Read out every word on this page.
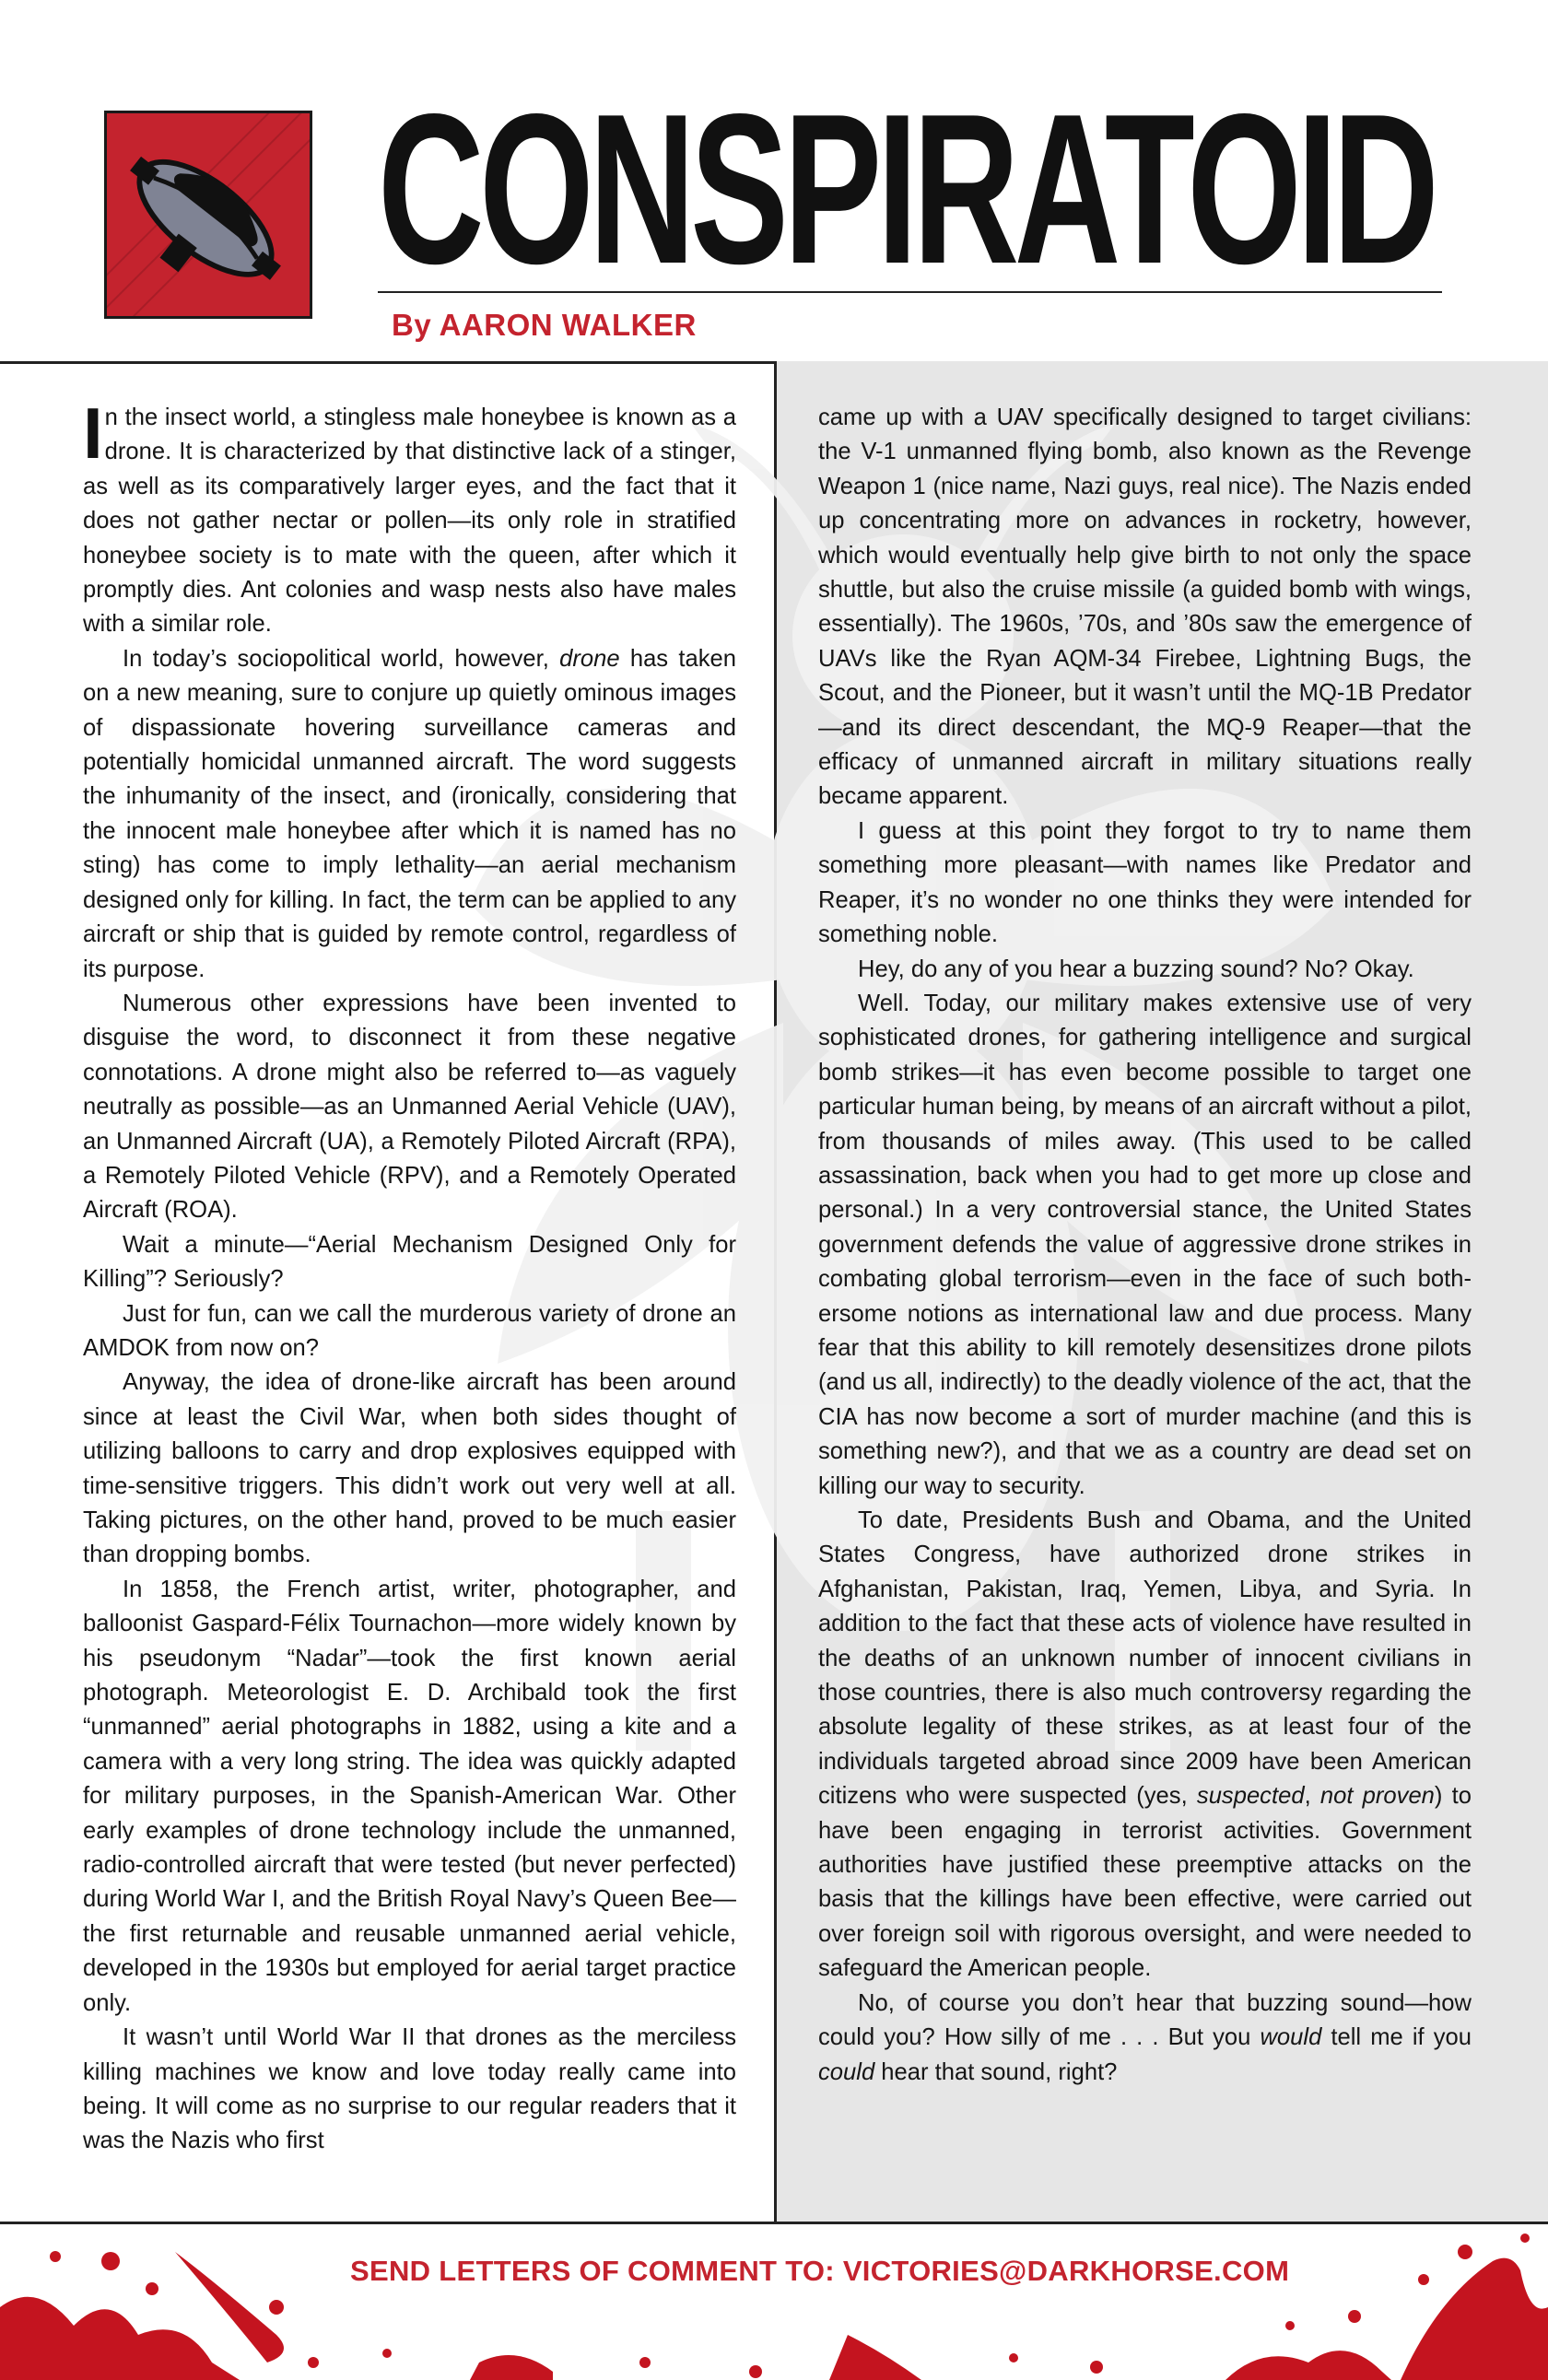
CONSPIRATOID
By AARON WALKER

In the insect world, a stingless male honeybee is known as a drone. It is characterized by that distinctive lack of a stinger, as well as its comparatively larger eyes, and the fact that it does not gather nectar or pollen—its only role in stratified honeybee society is to mate with the queen, after which it promptly dies. Ant colonies and wasp nests also have males with a similar role.

In today’s sociopolitical world, however, drone has taken on a new meaning, sure to conjure up quietly ominous images of dispassionate hovering surveillance cameras and potentially homicidal unmanned aircraft. The word suggests the inhumanity of the insect, and (ironically, considering that the innocent male honeybee after which it is named has no sting) has come to imply lethality—an aerial mechanism designed only for killing. In fact, the term can be applied to any aircraft or ship that is guided by remote control, regardless of its purpose.

Numerous other expressions have been invented to disguise the word, to disconnect it from these negative connotations. A drone might also be referred to—as vaguely neutrally as possible—as an Unmanned Aerial Vehicle (UAV), an Unmanned Aircraft (UA), a Remotely Piloted Aircraft (RPA), a Remotely Piloted Vehicle (RPV), and a Remotely Operated Aircraft (ROA).

Wait a minute—“Aerial Mechanism Designed Only for Killing”? Seriously?

Just for fun, can we call the murderous variety of drone an AMDOK from now on?

Anyway, the idea of drone-like aircraft has been around since at least the Civil War, when both sides thought of utilizing balloons to carry and drop explosives equipped with time-sensitive triggers. This didn’t work out very well at all. Taking pictures, on the other hand, proved to be much easier than dropping bombs.

In 1858, the French artist, writer, photographer, and balloonist Gaspard-Félix Tournachon—more widely known by his pseudonym “Nadar”—took the first known aerial photograph. Meteorologist E. D. Archibald took the first “unmanned” aerial photographs in 1882, using a kite and a camera with a very long string. The idea was quickly adapted for military purposes, in the Spanish-American War. Other early examples of drone technology include the unmanned, radio-controlled aircraft that were tested (but never perfected) during World War I, and the British Royal Navy’s Queen Bee—the first returnable and reusable unmanned aerial vehicle, developed in the 1930s but employed for aerial target practice only.

It wasn’t until World War II that drones as the merciless killing machines we know and love today really came into being. It will come as no surprise to our regular readers that it was the Nazis who first

came up with a UAV specifically designed to target civilians: the V-1 unmanned flying bomb, also known as the Revenge Weapon 1 (nice name, Nazi guys, real nice). The Nazis ended up concentrating more on advances in rocketry, however, which would eventually help give birth to not only the space shuttle, but also the cruise missile (a guided bomb with wings, essentially). The 1960s, ’70s, and ’80s saw the emergence of UAVs like the Ryan AQM-34 Firebee, Lightning Bugs, the Scout, and the Pioneer, but it wasn’t until the MQ-1B Predator —and its direct descendant, the MQ-9 Reaper—that the efficacy of unmanned aircraft in military situations really became apparent.

I guess at this point they forgot to try to name them something more pleasant—with names like Predator and Reaper, it’s no wonder no one thinks they were intended for something noble.

Hey, do any of you hear a buzzing sound? No? Okay.

Well. Today, our military makes extensive use of very sophisticated drones, for gathering intelligence and surgical bomb strikes—it has even become possible to target one particular human being, by means of an aircraft without a pilot, from thousands of miles away. (This used to be called assassination, back when you had to get more up close and personal.) In a very controversial stance, the United States government defends the value of aggressive drone strikes in combating global terrorism—even in the face of such bothersome notions as international law and due process. Many fear that this ability to kill remotely desensitizes drone pilots (and us all, indirectly) to the deadly violence of the act, that the CIA has now become a sort of murder machine (and this is something new?), and that we as a country are dead set on killing our way to security.

To date, Presidents Bush and Obama, and the United States Congress, have authorized drone strikes in Afghanistan, Pakistan, Iraq, Yemen, Libya, and Syria. In addition to the fact that these acts of violence have resulted in the deaths of an unknown number of innocent civilians in those countries, there is also much controversy regarding the absolute legality of these strikes, as at least four of the individuals targeted abroad since 2009 have been American citizens who were suspected (yes, suspected, not proven) to have been engaging in terrorist activities. Government authorities have justified these preemptive attacks on the basis that the killings have been effective, were carried out over foreign soil with rigorous oversight, and were needed to safeguard the American people.

No, of course you don’t hear that buzzing sound—how could you? How silly of me . . . But you would tell me if you could hear that sound, right?

SEND LETTERS OF COMMENT TO: VICTORIES@DARKHORSE.COM
